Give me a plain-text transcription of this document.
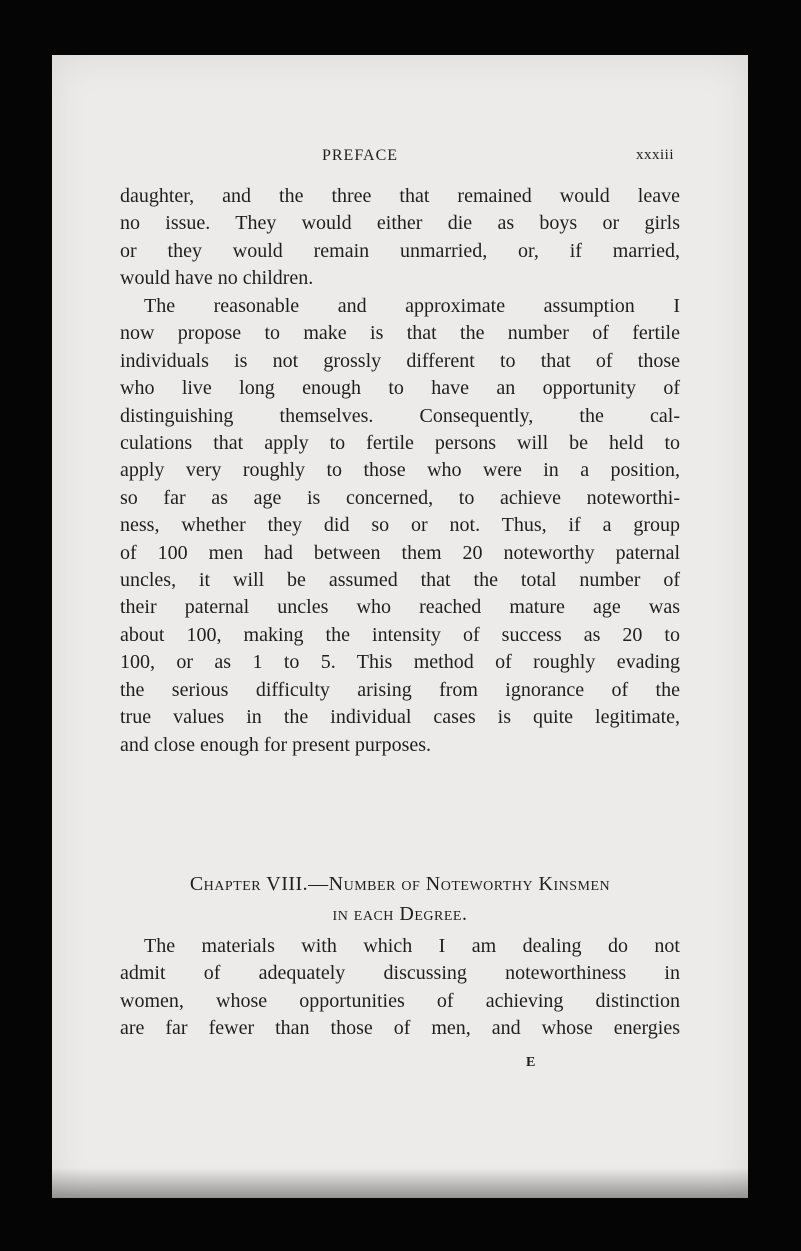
PREFACE	xxxiii
daughter, and the three that remained would leave
no issue. They would either die as boys or girls
or they would remain unmarried, or, if married,
would have no children.
The reasonable and approximate assumption I
now propose to make is that the number of fertile
individuals is not grossly different to that of those
who live long enough to have an opportunity of
distinguishing themselves. Consequently, the cal-
culations that apply to fertile persons will be held to
apply very roughly to those who were in a position,
so far as age is concerned, to achieve noteworthi-
ness, whether they did so or not. Thus, if a group
of 100 men had between them 20 noteworthy paternal
uncles, it will be assumed that the total number of
their paternal uncles who reached mature age was
about 100, making the intensity of success as 20 to
100, or as 1 to 5. This method of roughly evading
the serious difficulty arising from ignorance of the
true values in the individual cases is quite legitimate,
and close enough for present purposes.
Chapter VIII.—Number of Noteworthy Kinsmen
in each Degree.
The materials with which I am dealing do not
admit of adequately discussing noteworthiness in
women, whose opportunities of achieving distinction
are far fewer than those of men, and whose energies
E
